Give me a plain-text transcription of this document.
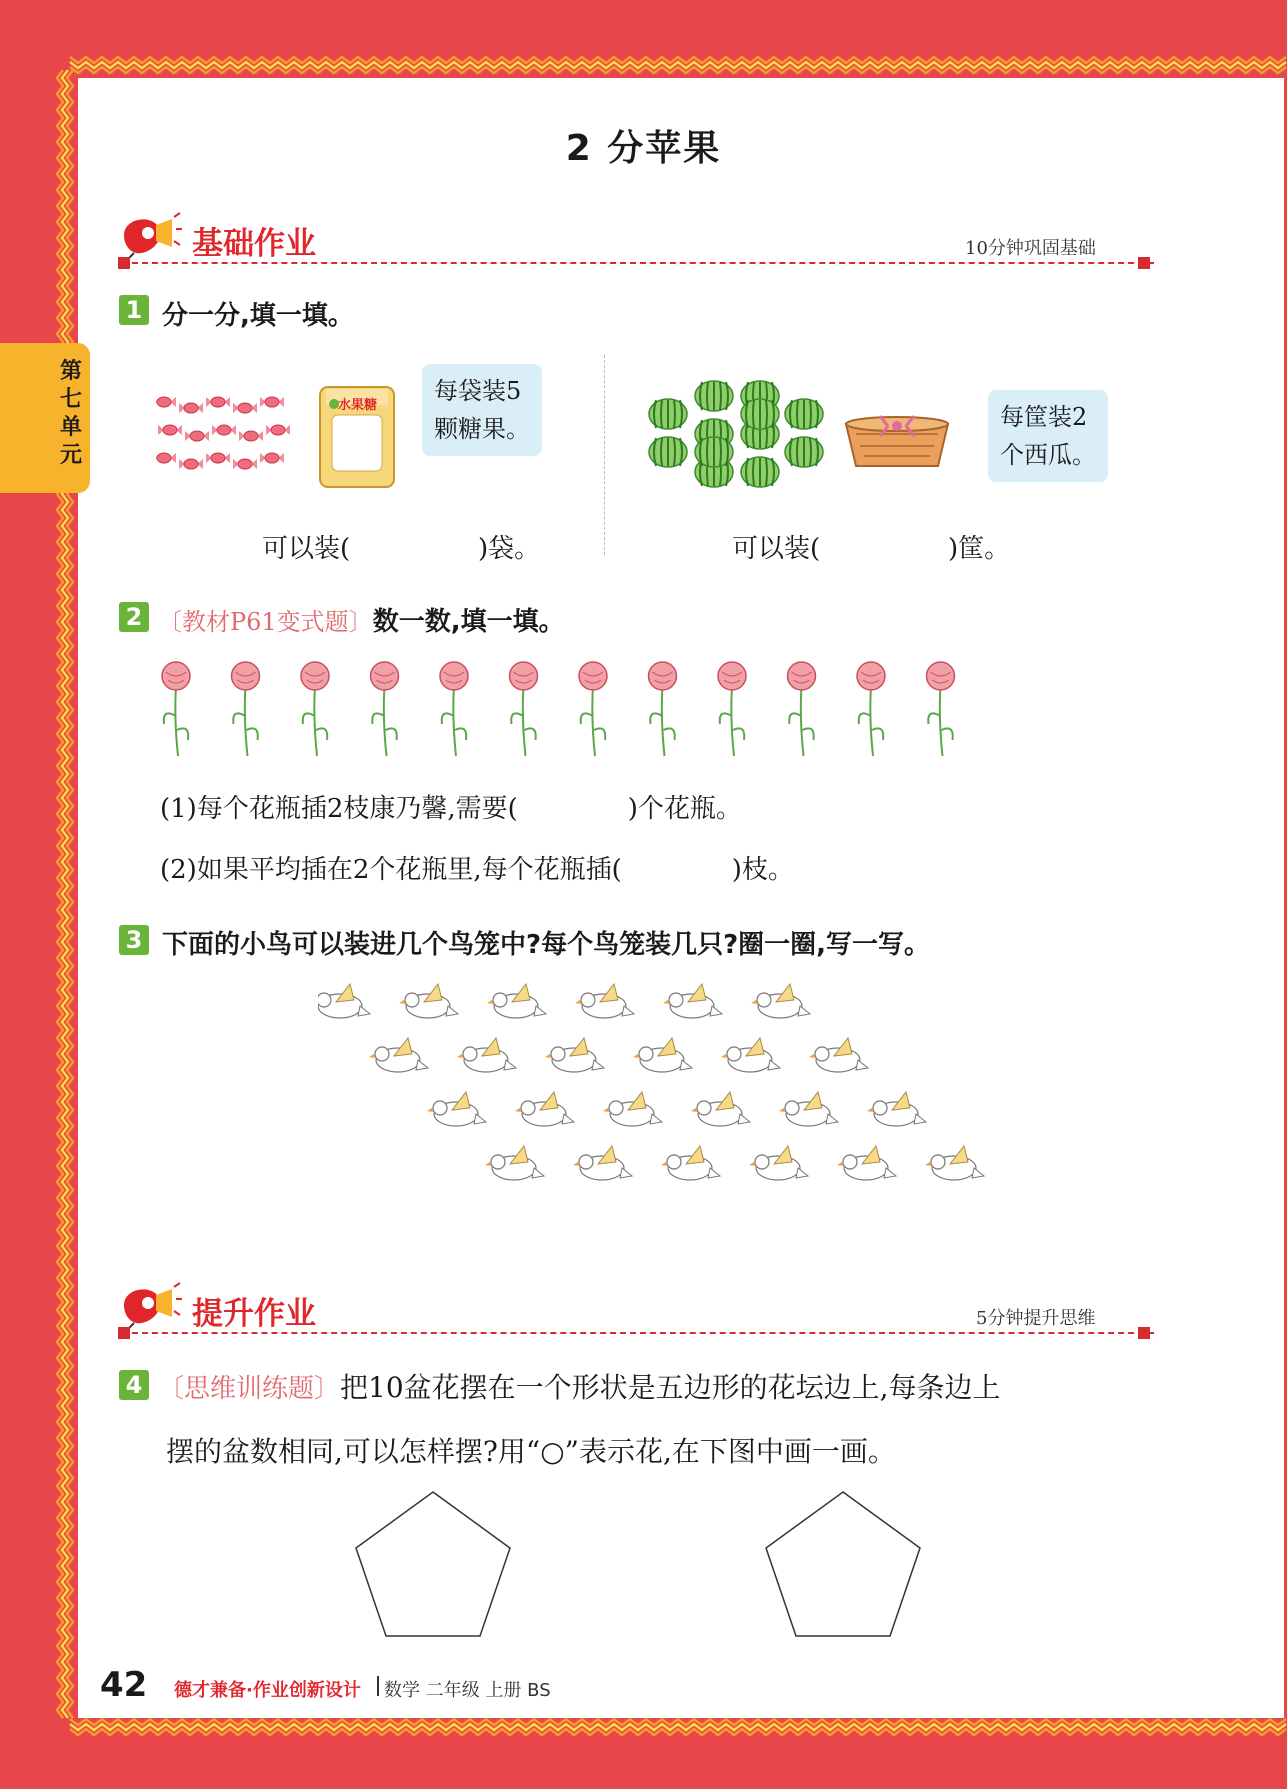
第七单元
2 分苹果
基础作业	10分钟巩固基础
1 分一分,填一填。
水果糖
每袋装5
颗糖果。
可以装(	)袋。
每筐装2
个西瓜。
可以装(	)筐。
2 〔教材P61变式题〕数一数,填一填。
(1)每个花瓶插2枝康乃馨,需要(	)个花瓶。
(2)如果平均插在2个花瓶里,每个花瓶插(	)枝。
3 下面的小鸟可以装进几个鸟笼中?每个鸟笼装几只?圈一圈,写一写。
提升作业	5分钟提升思维
4 〔思维训练题〕把10盆花摆在一个形状是五边形的花坛边上,每条边上
摆的盆数相同,可以怎样摆?用“○”表示花,在下图中画一画。
42 德才兼备·作业创新设计 数学 二年级 上册 BS
